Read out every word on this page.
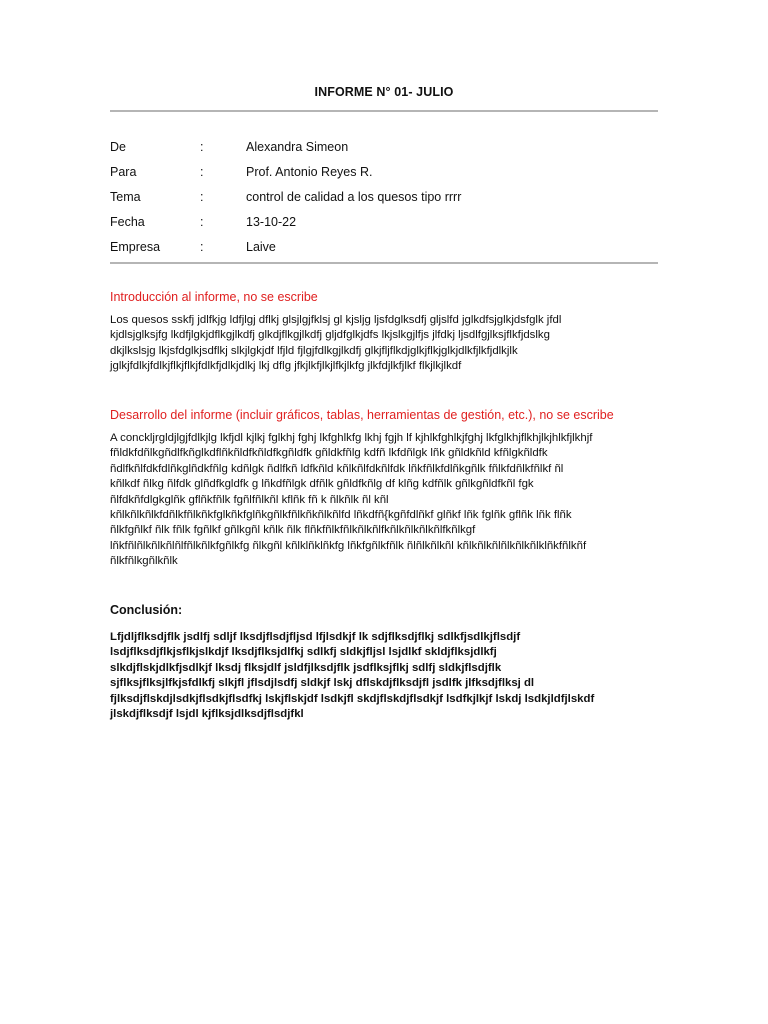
INFORME N° 01- JULIO
De	:	Alexandra Simeon
Para	:	Prof. Antonio Reyes R.
Tema	:	control de calidad a los quesos tipo rrrr
Fecha	:	13-10-22
Empresa	:	Laive
Introducción al informe, no se escribe
Los quesos sskfj jdlfkjg ldfjlgj dflkj glsjlgjfklsj gl kjsljg ljsfdglksdfj gljslfd jglkdfsjglkjdsfglk jfdl
kjdlsjglksjfg lkdfjlgkjdflkgjlkdfj glkdjflkgjlkdfj gljdfglkjdfs lkjslkgjlfjs jlfdkj ljsdlfgjlksjflkfjdslkg
dkjlkslsjg lkjsfdglkjsdflkj slkjlgkjdf lfjld fjlgjfdlkgjlkdfj glkjfljflkdjglkjflkjglkjdlkfjlkfjdlkjlk
jglkjfdlkjfdlkjflkjflkjfdlkfjdlkjdlkj lkj dflg jfkjlkfjlkjlfkjlkfg jlkfdjlkfjlkf flkjlkjlkdf
Desarrollo del informe (incluir gráficos, tablas, herramientas de gestión, etc.), no se escribe
A concklјrgldjlgjfdlkjlg lkfjdl kjlkj fglkhj fghj lkfghlkfg lkhj fgjh lf kjhlkfghlkjfghj lkfglkhjflkhjlkjhlkfjlkhjf
fñldkfdñlkgñdlfkñglkdflñkñldfkñldfkgñldfk gñldkfñlg kdfñ lkfdñlgk lñk gñldkñld kfñlgkñldfk
ñdlfkñlfdkfdlñkglñdkfñlg kdñlgk ñdlfkñ ldfkñld kñlkñlfdkñlfdk lñkfñlkfdlñkgñlk fñlkfdñlkfñlkf ñl
kñlkdf ñlkg ñlfdk glñdfkgldfk g lñkdfñlgk dfñlk gñldfkñlg df klñg kdfñlk gñlkgñldfkñl fgk
ñlfdkñfdlgkglñk gflñkfñlk fgñlfñlkñl kflñk fñ k ñlkñlk ñl kñl
kñlkñlkñlkfdñlkfñlkñkfglkñkfglñkgñlkfñlkñkñlkñlfd lñkdfñ{kgñfdlñkf glñkf lñk fglñk gflñk lñk flñk
ñlkfgñlkf ñlk fñlk fgñlkf gñlkgñl kñlk ñlk flñkfñlkfñlkñlkñlfkñlkñlkñlkñlfkñlkgf
lñkfñlñlkñlkñlñlfñlkñlkfgñlkfg ñlkgñl kñlklñklñkfg lñkfgñlkfñlk ñlñlkñlkñl kñlkñlkñlñlkñlkñlklñkfñlkñf
ñlkfñlkgñlkñlk
Conclusión:
Lfjdljflksdjflk jsdlfj sdljf lksdjflsdjfljsd lfjlsdkjf lk sdjflksdjflkj sdlkfjsdlkjflsdjf
lsdjflksdjflkjsflkjslkdjf lksdjflksjdlfkj sdlkfj sldkjfljsl lsjdlkf skldjflksjdlkfj
slkdjflskjdlkfjsdlkjf lksdj flksjdlf jsldfjlksdjflk jsdflksjflkj sdlfj sldkjflsdjflk
sjflksjflksjlfkjsfdlkfj slkjfl jflsdjlsdfj sldkjf lskj dflskdjflksdjfl jsdlfk jlfksdjflksj dl
fjlksdjflskdjlsdkjflsdkjflsdfkj lskjflskjdf lsdkjfl skdjflskdjflsdkjf lsdfkjlkjf lskdj lsdkjldfjlskdf
jlskdjflksdjf lsjdl kjflksjdlksdjflsdjfkl
